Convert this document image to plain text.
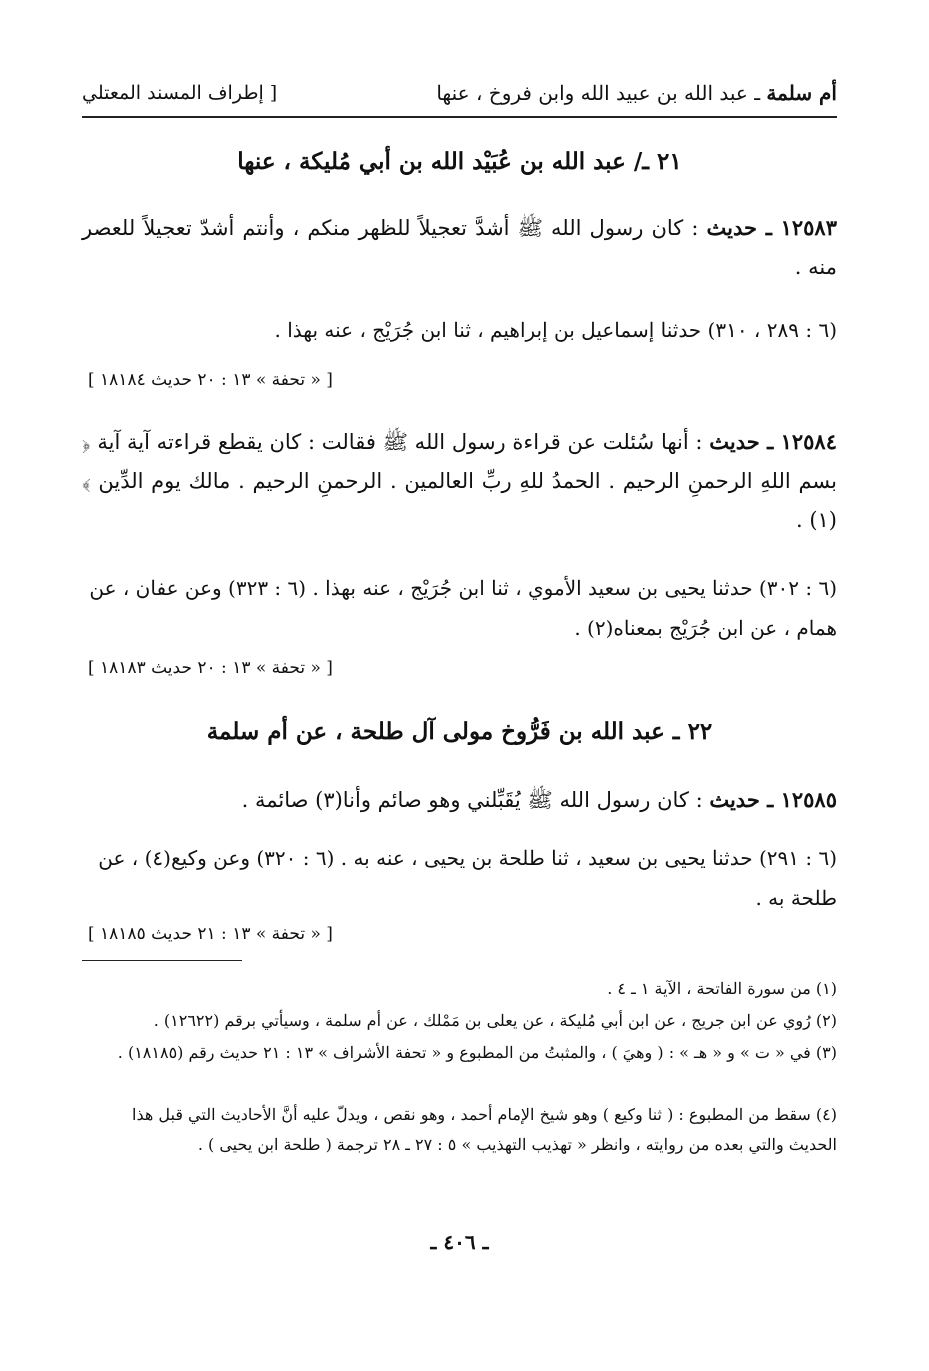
أم سلمة ـ عبد الله بن عبيد الله وابن فروخ ، عنها
[ إطراف المسند المعتلي
٢١ ـ/ عبد الله بن عُبَيْد الله بن أبي مُليكة ، عنها
١٢٥٨٣ ـ حديث : كان رسول الله ﷺ أشدَّ تعجيلاً للظهر منكم ، وأنتم أشدّ تعجيلاً للعصر منه .
(٦ : ٢٨٩ ، ٣١٠) حدثنا إسماعيل بن إبراهيم ، ثنا ابن جُرَيْج ، عنه بهذا .
[ « تحفة » ١٣ : ٢٠ حديث ١٨١٨٤ ]
١٢٥٨٤ ـ حديث : أنها سُئلت عن قراءة رسول الله ﷺ فقالت : كان يقطع قراءته آية آية ﴿ بسم اللهِ الرحمنِ الرحيم . الحمدُ للهِ ربِّ العالمين . الرحمنِ الرحيم . مالك يوم الدِّين ﴾(١) .
(٦ : ٣٠٢) حدثنا يحيى بن سعيد الأموي ، ثنا ابن جُرَيْج ، عنه بهذا . (٦ : ٣٢٣) وعن عفان ، عن همام ، عن ابن جُرَيْج بمعناه(٢) .
[ « تحفة » ١٣ : ٢٠ حديث ١٨١٨٣ ]
٢٢ ـ عبد الله بن فَرُّوخ مولى آل طلحة ، عن أم سلمة
١٢٥٨٥ ـ حديث : كان رسول الله ﷺ يُقَبِّلني وهو صائم وأنا(٣) صائمة .
(٦ : ٢٩١) حدثنا يحيى بن سعيد ، ثنا طلحة بن يحيى ، عنه به . (٦ : ٣٢٠) وعن وكيع(٤) ، عن طلحة به .
[ « تحفة » ١٣ : ٢١ حديث ١٨١٨٥ ]
(١) من سورة الفاتحة ، الآية ١ ـ ٤ .
(٢) رُوي عن ابن جريج ، عن ابن أبي مُليكة ، عن يعلى بن مَمْلك ، عن أم سلمة ، وسيأتي برقم (١٢٦٢٢) .
(٣) في « ت » و « هـ » : ( وهيَ ) ، والمثبتُ من المطبوع و « تحفة الأشراف » ١٣ : ٢١ حديث رقم (١٨١٨٥) .
(٤) سقط من المطبوع : ( ثنا وكيع ) وهو شيخ الإمام أحمد ، وهو نقص ، ويدلّ عليه أنَّ الأحاديث التي قبل هذا الحديث والتي بعده من روايته ، وانظر « تهذيب التهذيب » ٥ : ٢٧ ـ ٢٨ ترجمة ( طلحة ابن يحيى ) .
ـ ٤٠٦ ـ
